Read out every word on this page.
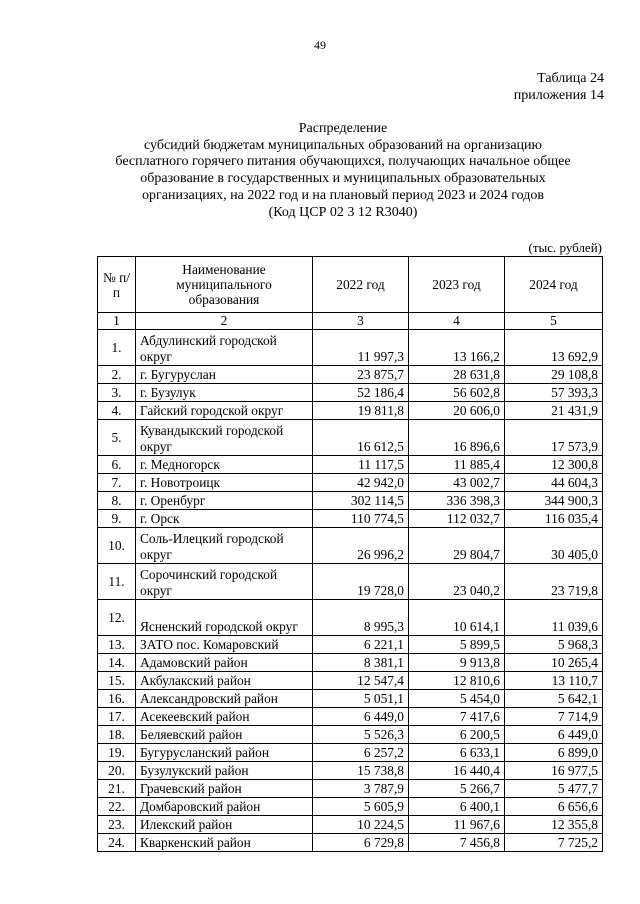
49
Таблица 24
приложения 14
Распределение
субсидий бюджетам муниципальных образований на организацию
бесплатного горячего питания обучающихся, получающих начальное общее
образование в государственных и муниципальных образовательных
организациях, на 2022 год и на плановый период 2023 и 2024 годов
(Код ЦСР 02 3 12 R3040)
(тыс. рублей)
№ п/п	Наименование муниципального образования	2022 год	2023 год	2024 год
1	2	3	4	5
1.	Абдулинский городской округ	11 997,3	13 166,2	13 692,9
2.	г. Бугуруслан	23 875,7	28 631,8	29 108,8
3.	г. Бузулук	52 186,4	56 602,8	57 393,3
4.	Гайский городской округ	19 811,8	20 606,0	21 431,9
5.	Кувандыкский городской округ	16 612,5	16 896,6	17 573,9
6.	г. Медногорск	11 117,5	11 885,4	12 300,8
7.	г. Новотроицк	42 942,0	43 002,7	44 604,3
8.	г. Оренбург	302 114,5	336 398,3	344 900,3
9.	г. Орск	110 774,5	112 032,7	116 035,4
10.	Соль-Илецкий городской округ	26 996,2	29 804,7	30 405,0
11.	Сорочинский городской округ	19 728,0	23 040,2	23 719,8
12.	Ясненский городской округ	8 995,3	10 614,1	11 039,6
13.	ЗАТО пос. Комаровский	6 221,1	5 899,5	5 968,3
14.	Адамовский район	8 381,1	9 913,8	10 265,4
15.	Акбулакский район	12 547,4	12 810,6	13 110,7
16.	Александровский район	5 051,1	5 454,0	5 642,1
17.	Асекеевский район	6 449,0	7 417,6	7 714,9
18.	Беляевский район	5 526,3	6 200,5	6 449,0
19.	Бугурусланский район	6 257,2	6 633,1	6 899,0
20.	Бузулукский район	15 738,8	16 440,4	16 977,5
21.	Грачевский район	3 787,9	5 266,7	5 477,7
22.	Домбаровский район	5 605,9	6 400,1	6 656,6
23.	Илекский район	10 224,5	11 967,6	12 355,8
24.	Кваркенский район	6 729,8	7 456,8	7 725,2
